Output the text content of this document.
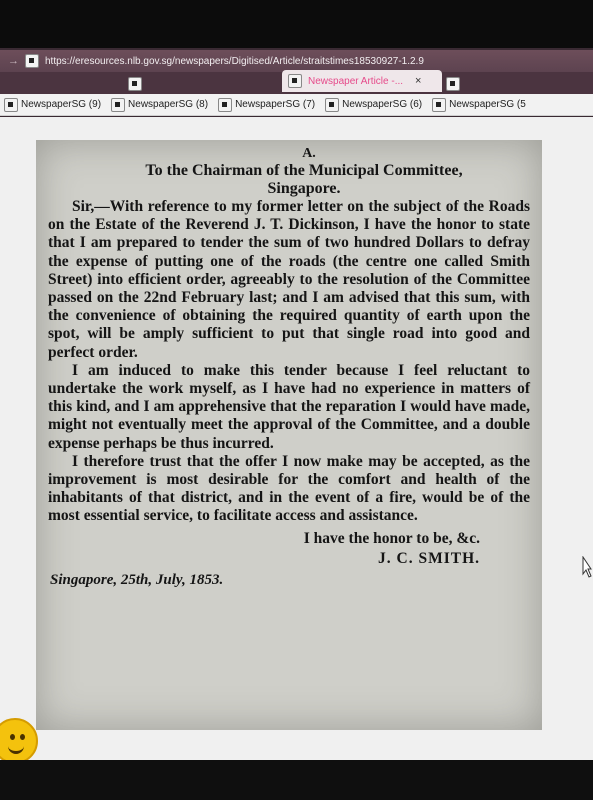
→	https://eresources.nlb.gov.sg/newspapers/Digitised/Article/straitstimes18530927-1.2.9
Newspaper Article -... ×
NewspaperSG (9)	NewspaperSG (8)	NewspaperSG (7)	NewspaperSG (6)	NewspaperSG (5
A.
To the Chairman of the Municipal Committee,
Singapore.

Sir,—With reference to my former letter on the subject of the Roads on the Estate of the Reverend J. T. Dickinson, I have the honor to state that I am prepared to tender the sum of two hundred Dollars to defray the expense of putting one of the roads (the centre one called Smith Street) into efficient order, agreeably to the resolution of the Committee passed on the 22nd February last; and I am advised that this sum, with the convenience of obtaining the required quantity of earth upon the spot, will be amply sufficient to put that single road into good and perfect order.

I am induced to make this tender because I feel reluctant to undertake the work myself, as I have had no experience in matters of this kind, and I am apprehensive that the reparation I would have made, might not eventually meet the approval of the Committee, and a double expense perhaps be thus incurred.

I therefore trust that the offer I now make may be accepted, as the improvement is most desirable for the comfort and health of the inhabitants of that district, and in the event of a fire, would be of the most essential service, to facilitate access and assistance.

I have the honor to be, &c.
J. C. SMITH.
Singapore, 25th, July, 1853.
